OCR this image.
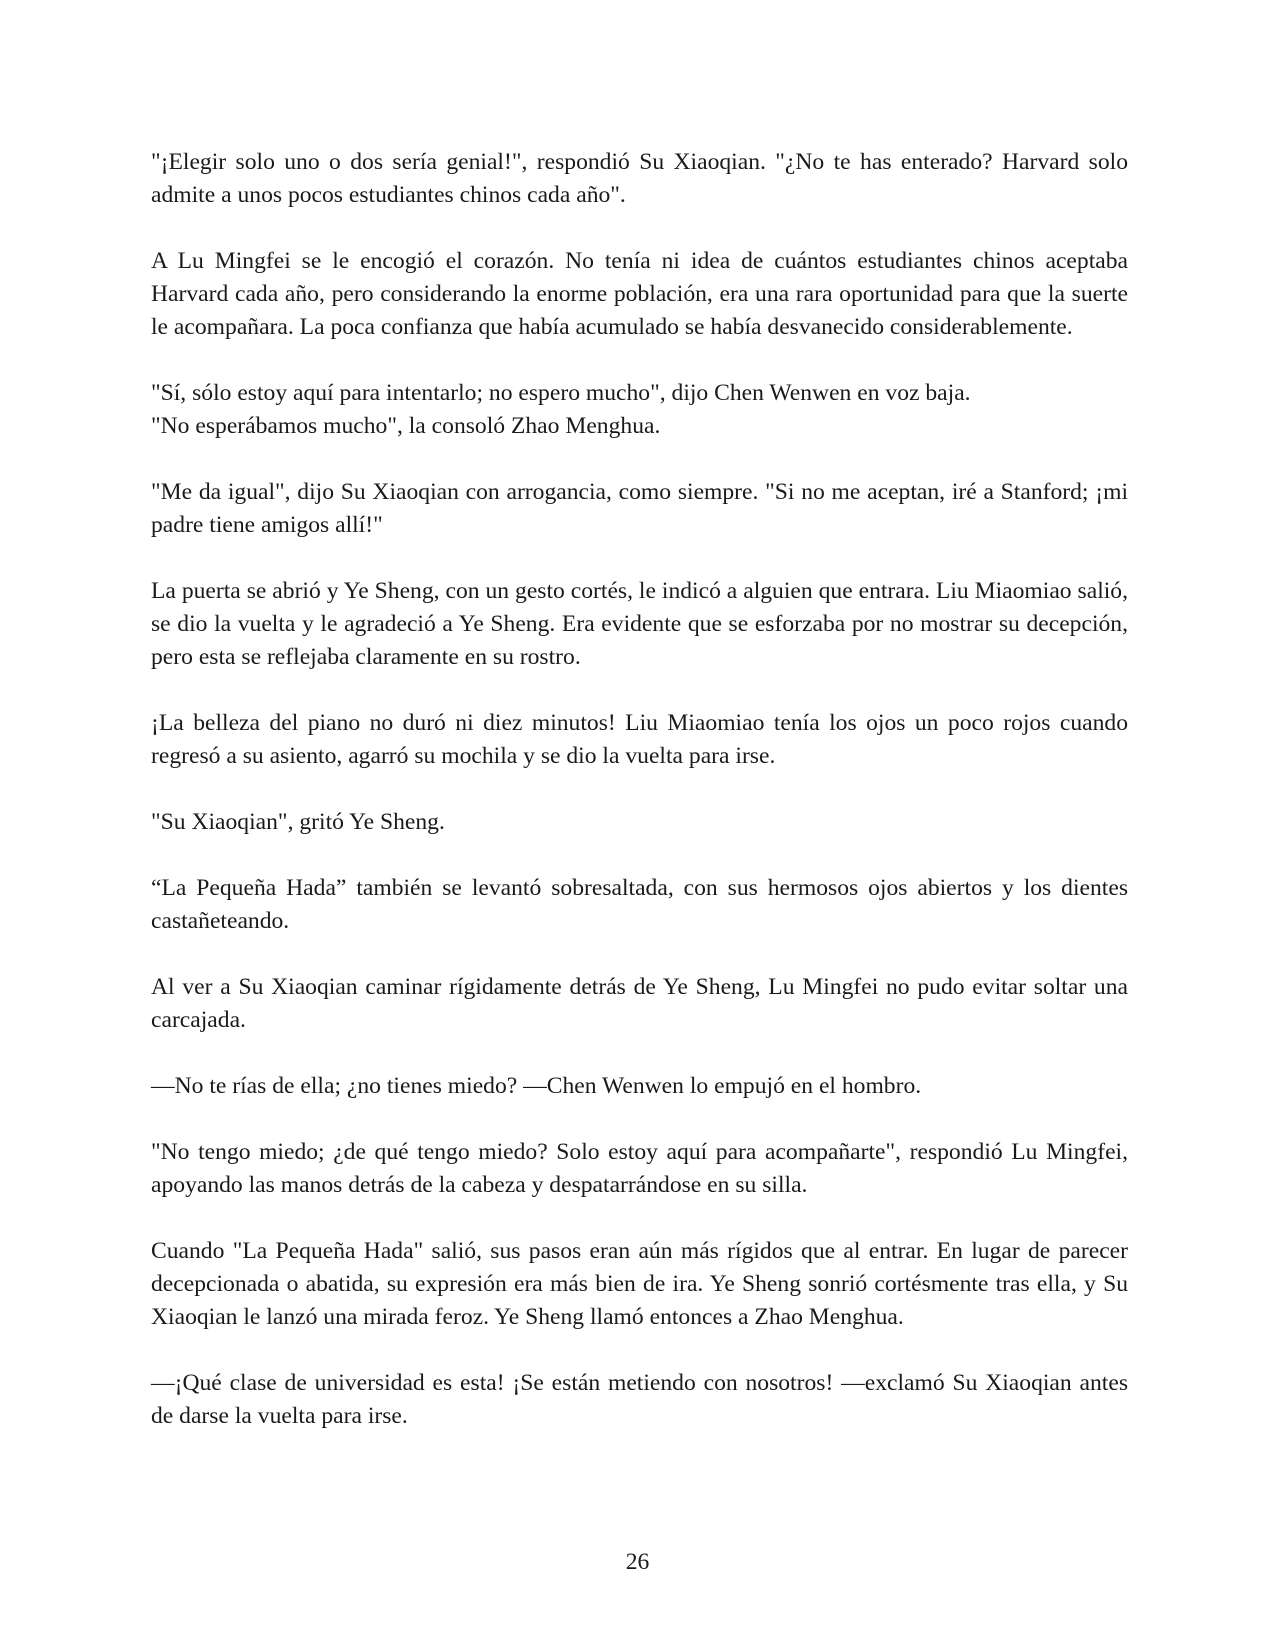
"¡Elegir solo uno o dos sería genial!", respondió Su Xiaoqian. "¿No te has enterado? Harvard solo admite a unos pocos estudiantes chinos cada año".

A Lu Mingfei se le encogió el corazón. No tenía ni idea de cuántos estudiantes chinos aceptaba Harvard cada año, pero considerando la enorme población, era una rara oportunidad para que la suerte le acompañara. La poca confianza que había acumulado se había desvanecido considerablemente.

"Sí, sólo estoy aquí para intentarlo; no espero mucho", dijo Chen Wenwen en voz baja.

"No esperábamos mucho", la consoló Zhao Menghua.

"Me da igual", dijo Su Xiaoqian con arrogancia, como siempre. "Si no me aceptan, iré a Stanford; ¡mi padre tiene amigos allí!"

La puerta se abrió y Ye Sheng, con un gesto cortés, le indicó a alguien que entrara. Liu Miaomiao salió, se dio la vuelta y le agradeció a Ye Sheng. Era evidente que se esforzaba por no mostrar su decepción, pero esta se reflejaba claramente en su rostro.

¡La belleza del piano no duró ni diez minutos! Liu Miaomiao tenía los ojos un poco rojos cuando regresó a su asiento, agarró su mochila y se dio la vuelta para irse.

"Su Xiaoqian", gritó Ye Sheng.

“La Pequeña Hada” también se levantó sobresaltada, con sus hermosos ojos abiertos y los dientes castañeteando.

Al ver a Su Xiaoqian caminar rígidamente detrás de Ye Sheng, Lu Mingfei no pudo evitar soltar una carcajada.

—No te rías de ella; ¿no tienes miedo? —Chen Wenwen lo empujó en el hombro.

"No tengo miedo; ¿de qué tengo miedo? Solo estoy aquí para acompañarte", respondió Lu Mingfei, apoyando las manos detrás de la cabeza y despatarrándose en su silla.

Cuando "La Pequeña Hada" salió, sus pasos eran aún más rígidos que al entrar. En lugar de parecer decepcionada o abatida, su expresión era más bien de ira. Ye Sheng sonrió cortésmente tras ella, y Su Xiaoqian le lanzó una mirada feroz. Ye Sheng llamó entonces a Zhao Menghua.

—¡Qué clase de universidad es esta! ¡Se están metiendo con nosotros! —exclamó Su Xiaoqian antes de darse la vuelta para irse.

26
